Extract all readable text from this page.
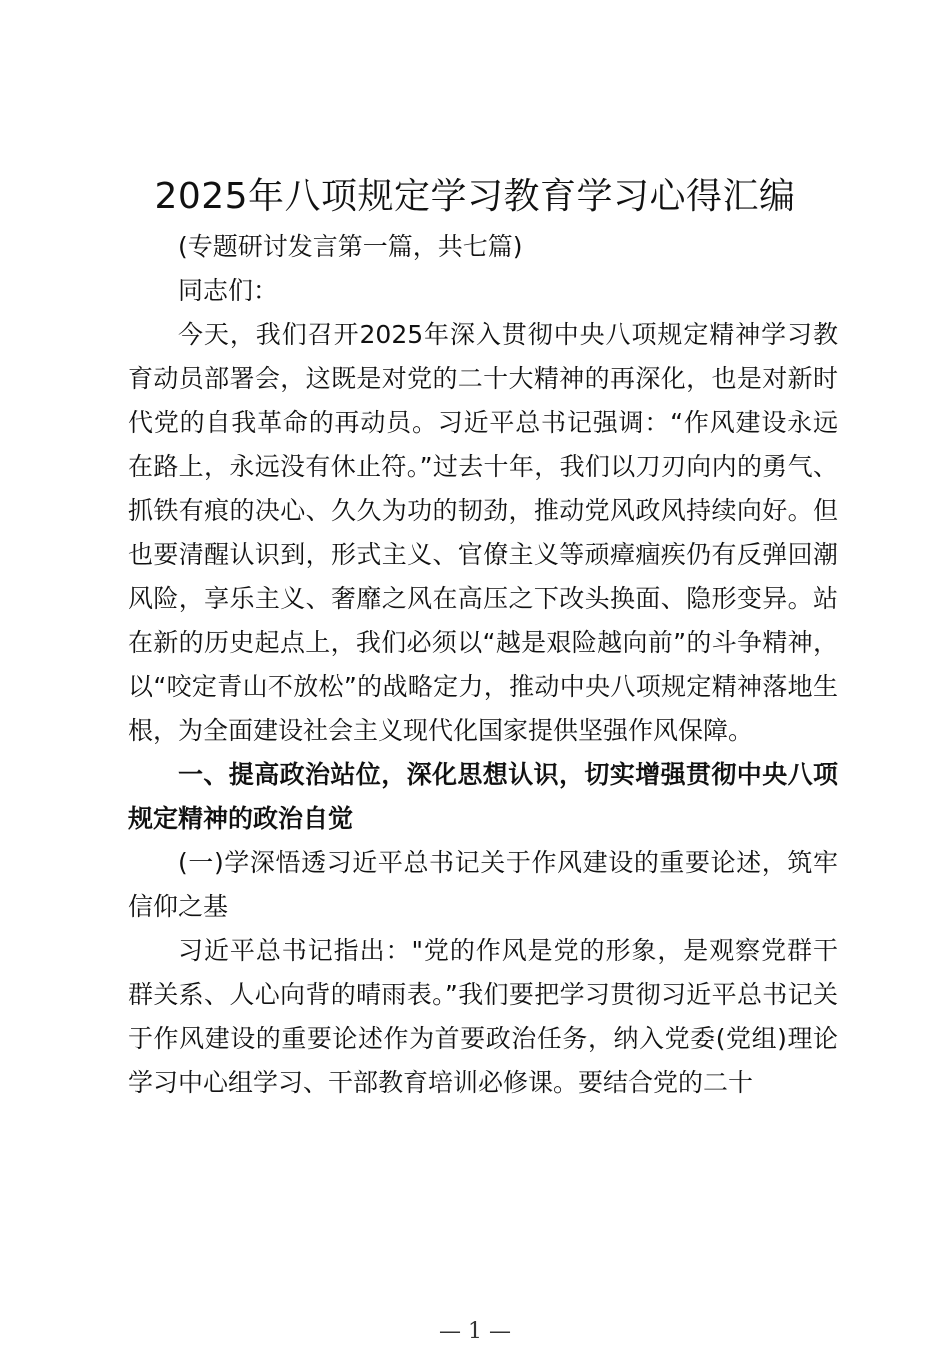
2025年八项规定学习教育学习心得汇编

(专题研讨发言第一篇，共七篇)

同志们：

今天，我们召开2025年深入贯彻中央八项规定精神学习教育动员部署会，这既是对党的二十大精神的再深化，也是对新时代党的自我革命的再动员。习近平总书记强调：“作风建设永远在路上，永远没有休止符。”过去十年，我们以刀刃向内的勇气、抓铁有痕的决心、久久为功的韧劲，推动党风政风持续向好。但也要清醒认识到，形式主义、官僚主义等顽瘴痼疾仍有反弹回潮风险，享乐主义、奢靡之风在高压之下改头换面、隐形变异。站在新的历史起点上，我们必须以“越是艰险越向前”的斗争精神，以“咬定青山不放松”的战略定力，推动中央八项规定精神落地生根，为全面建设社会主义现代化国家提供坚强作风保障。

一、提高政治站位，深化思想认识，切实增强贯彻中央八项规定精神的政治自觉

(一)学深悟透习近平总书记关于作风建设的重要论述，筑牢信仰之基

习近平总书记指出："党的作风是党的形象，是观察党群干群关系、人心向背的晴雨表。”我们要把学习贯彻习近平总书记关于作风建设的重要论述作为首要政治任务，纳入党委(党组)理论学习中心组学习、干部教育培训必修课。要结合党的二十

— 1 —
